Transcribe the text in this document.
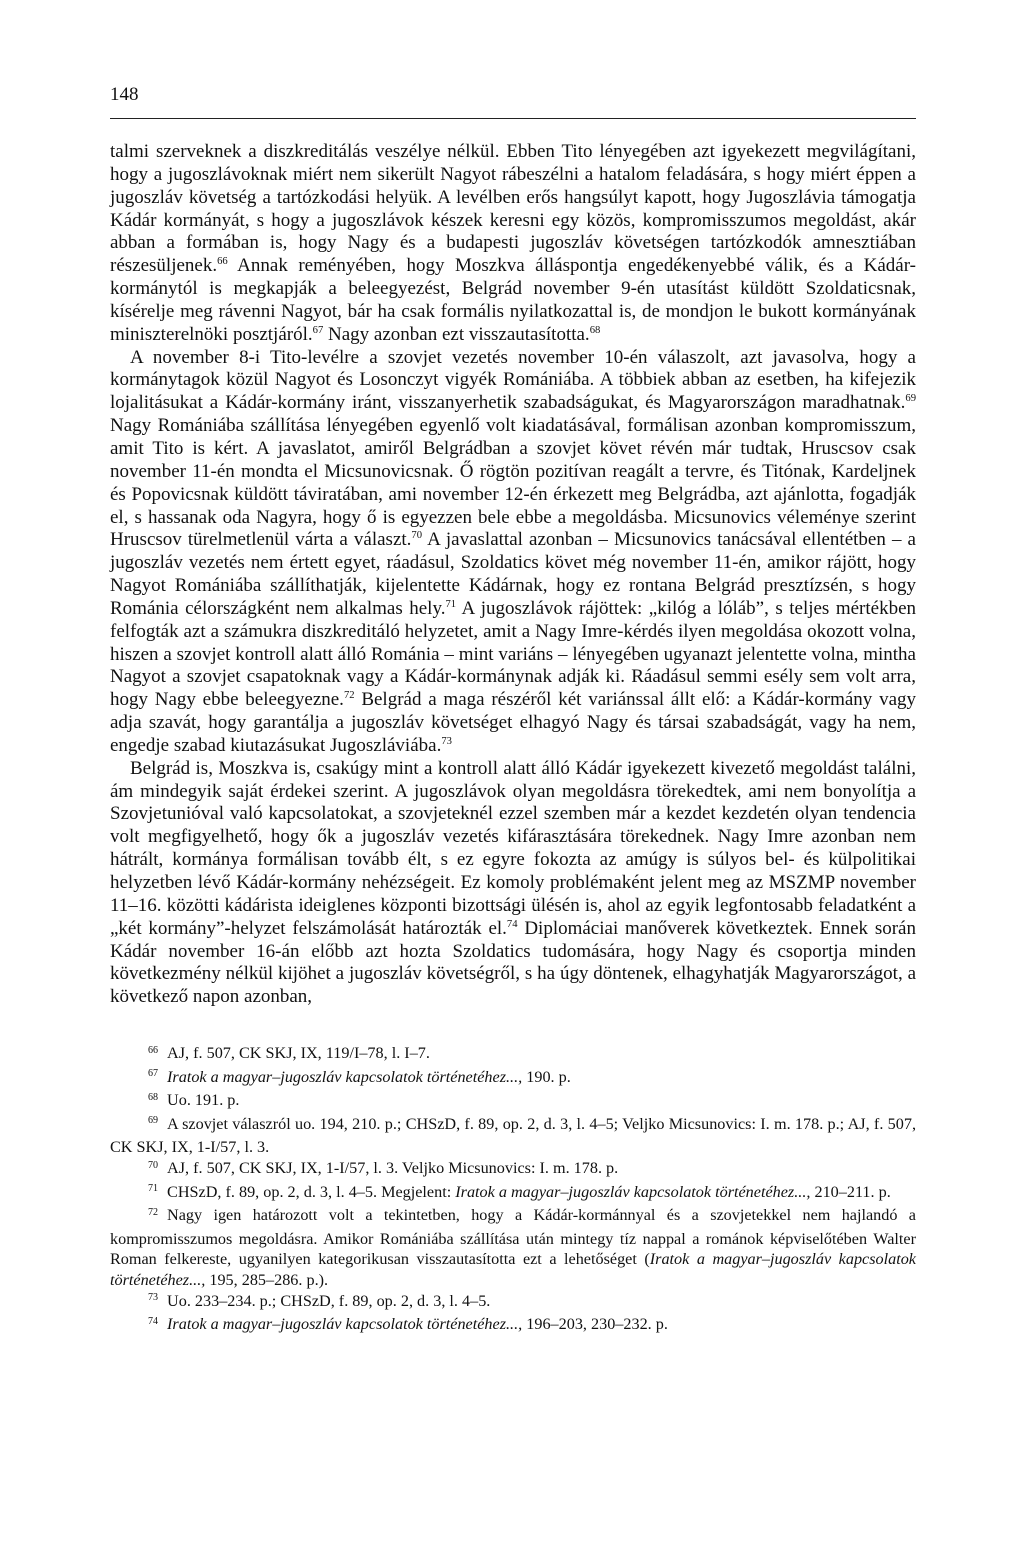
148

talmi szerveknek a diszkreditálás veszélye nélkül. Ebben Tito lényegében azt igyekezett megvilágítani, hogy a jugoszlávoknak miért nem sikerült Nagyot rábeszélni a hatalom feladására, s hogy miért éppen a jugoszláv követség a tartózkodási helyük. A levélben erős hangsúlyt kapott, hogy Jugoszlávia támogatja Kádár kormányát, s hogy a jugoszlávok készek keresni egy közös, kompromisszumos megoldást, akár abban a formában is, hogy Nagy és a budapesti jugoszláv követségen tartózkodók amnesztiában részesüljenek.$^{66}$ Annak reményében, hogy Moszkva álláspontja engedékenyebbé válik, és a Kádár-kormánytól is megkapják a beleegyezést, Belgrád november 9-én utasítást küldött Szoldaticsnak, kísérelje meg rávenni Nagyot, bár ha csak formális nyilatkozattal is, de mondjon le bukott kormányának miniszterelnöki posztjáról.$^{67}$ Nagy azonban ezt visszautasította.$^{68}$

A november 8-i Tito-levélre a szovjet vezetés november 10-én válaszolt, azt javasolva, hogy a kormánytagok közül Nagyot és Losonczyt vigyék Romániába. A többiek abban az esetben, ha kifejezik lojalitásukat a Kádár-kormány iránt, visszanyerhetik szabadságukat, és Magyarországon maradhatnak.$^{69}$ Nagy Romániába szállítása lényegében egyenlő volt kiadatásával, formálisan azonban kompromisszum, amit Tito is kért. A javaslatot, amiről Belgrádban a szovjet követ révén már tudtak, Hruscsov csak november 11-én mondta el Micsunovicsnak. Ő rögtön pozitívan reagált a tervre, és Titónak, Kardeljnek és Popovicsnak küldött táviratában, ami november 12-én érkezett meg Belgrádba, azt ajánlotta, fogadják el, s hassanak oda Nagyra, hogy ő is egyezzen bele ebbe a megoldásba. Micsunovics véleménye szerint Hruscsov türelmetlenül várta a választ.$^{70}$ A javaslattal azonban – Micsunovics tanácsával ellentétben – a jugoszláv vezetés nem értett egyet, ráadásul, Szoldatics követ még november 11-én, amikor rájött, hogy Nagyot Romániába szállíthatják, kijelentette Kádárnak, hogy ez rontana Belgrád presztízsén, s hogy Románia célországként nem alkalmas hely.$^{71}$ A jugoszlávok rájöttek: „kilóg a lóláb”, s teljes mértékben felfogták azt a számukra diszkreditáló helyzetet, amit a Nagy Imre-kérdés ilyen megoldása okozott volna, hiszen a szovjet kontroll alatt álló Románia – mint variáns – lényegében ugyanazt jelentette volna, mintha Nagyot a szovjet csapatoknak vagy a Kádár-kormánynak adják ki. Ráadásul semmi esély sem volt arra, hogy Nagy ebbe beleegyezne.$^{72}$ Belgrád a maga részéről két variánssal állt elő: a Kádár-kormány vagy adja szavát, hogy garantálja a jugoszláv követséget elhagyó Nagy és társai szabadságát, vagy ha nem, engedje szabad kiutazásukat Jugoszláviába.$^{73}$

Belgrád is, Moszkva is, csakúgy mint a kontroll alatt álló Kádár igyekezett kivezető megoldást találni, ám mindegyik saját érdekei szerint. A jugoszlávok olyan megoldásra törekedtek, ami nem bonyolítja a Szovjetunióval való kapcsolatokat, a szovjeteknél ezzel szemben már a kezdet kezdetén olyan tendencia volt megfigyelhető, hogy ők a jugoszláv vezetés kifárasztására törekednek. Nagy Imre azonban nem hátrált, kormánya formálisan tovább élt, s ez egyre fokozta az amúgy is súlyos bel- és külpolitikai helyzetben lévő Kádár-kormány nehézségeit. Ez komoly problémaként jelent meg az MSZMP november 11–16. közötti kádárista ideiglenes központi bizottsági ülésén is, ahol az egyik legfontosabb feladatként a „két kormány”-helyzet felszámolását határozták el.$^{74}$ Diplomáciai manőverek következtek. Ennek során Kádár november 16-án előbb azt hozta Szoldatics tudomására, hogy Nagy és csoportja minden következmény nélkül kijöhet a jugoszláv követségről, s ha úgy döntenek, elhagyhatják Magyarországot, a következő napon azonban,

$^{66}$ AJ, f. 507, CK SKJ, IX, 119/I–78, l. I–7.

$^{67}$ Iratok a magyar–jugoszláv kapcsolatok történetéhez..., 190. p.

$^{68}$ Uo. 191. p.

$^{69}$ A szovjet válaszról uo. 194, 210. p.; CHSzD, f. 89, op. 2, d. 3, l. 4–5; Veljko Micsunovics: I. m. 178. p.; AJ, f. 507, CK SKJ, IX, 1-I/57, l. 3.

$^{70}$ AJ, f. 507, CK SKJ, IX, 1-I/57, l. 3. Veljko Micsunovics: I. m. 178. p.

$^{71}$ CHSzD, f. 89, op. 2, d. 3, l. 4–5. Megjelent: Iratok a magyar–jugoszláv kapcsolatok történetéhez..., 210–211. p.

$^{72}$ Nagy igen határozott volt a tekintetben, hogy a Kádár-kormánnyal és a szovjetekkel nem hajlandó a kompromisszumos megoldásra. Amikor Romániába szállítása után mintegy tíz nappal a románok képviselőtében Walter Roman felkereste, ugyanilyen kategorikusan visszautasította ezt a lehetőséget (Iratok a magyar–jugoszláv kapcsolatok történetéhez..., 195, 285–286. p.).

$^{73}$ Uo. 233–234. p.; CHSzD, f. 89, op. 2, d. 3, l. 4–5.

$^{74}$ Iratok a magyar–jugoszláv kapcsolatok történetéhez..., 196–203, 230–232. p.
